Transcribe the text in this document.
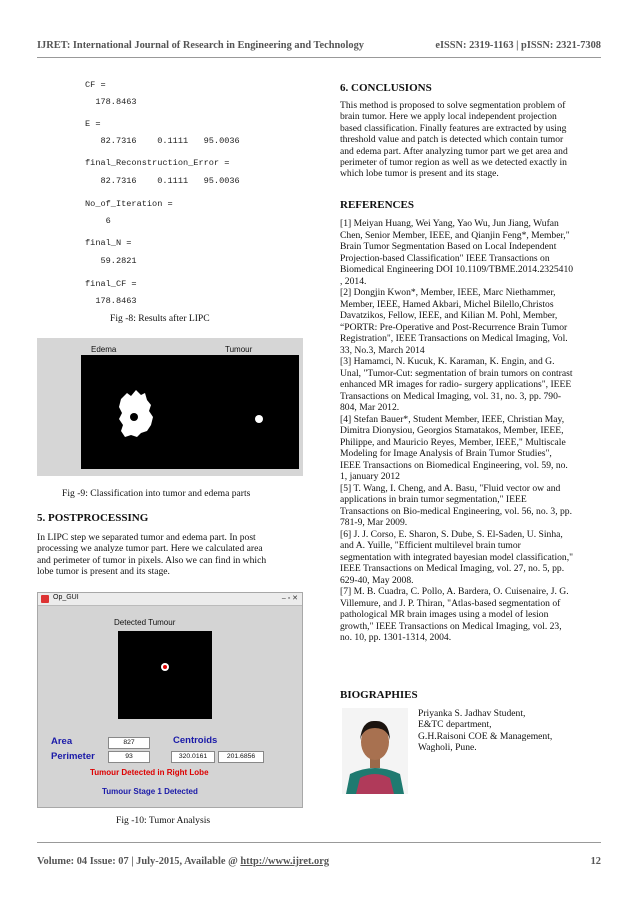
IJRET: International Journal of Research in Engineering and Technology	eISSN: 2319-1163 | pISSN: 2321-7308
CF =
178.8463
E =
82.7316    0.1111   95.0036
final_Reconstruction_Error =
82.7316    0.1111   95.0036
No_of_Iteration =
6
final_N =
59.2821
final_CF =
178.8463
Fig -8: Results after LIPC
Edema	Tumour
Fig -9: Classification into tumor and edema parts
5. POSTPROCESSING
In LIPC step we separated tumor and edema part. In post
processing we analyze tumor part. Here we calculated area
and perimeter of tumor in pixels. Also we can find in which
lobe tumor is present and its stage.
Op_GUI	– ▫ ✕
Detected Tumour
Area	827	Centroids
Perimeter	93	320.0161	201.6856
Tumour Detected in Right Lobe
Tumour Stage 1 Detected
Fig -10: Tumor Analysis
6. CONCLUSIONS
This method is proposed to solve segmentation problem of
brain tumor. Here we apply local independent projection
based classification. Finally features are extracted by using
threshold value and patch is detected which contain tumor
and edema part. After analyzing tumor part we get area and
perimeter of tumor region as well as we detected exactly in
which lobe tumor is present and its stage.
REFERENCES
[1] Meiyan Huang, Wei Yang, Yao Wu, Jun Jiang, Wufan
Chen, Senior Member, IEEE, and Qianjin Feng*, Member,"
Brain Tumor Segmentation Based on Local Independent
Projection-based Classification" IEEE Transactions on
Biomedical Engineering DOI 10.1109/TBME.2014.2325410
, 2014.
[2] Dongjin Kwon*, Member, IEEE, Marc Niethammer,
Member, IEEE, Hamed Akbari, Michel Bilello,Christos
Davatzikos, Fellow, IEEE, and Kilian M. Pohl, Member,
“PORTR: Pre-Operative and Post-Recurrence Brain Tumor
Registration", IEEE Transactions on Medical Imaging, Vol.
33, No.3, March 2014
[3] Hamamci, N. Kucuk, K. Karaman, K. Engin, and G.
Unal, "Tumor-Cut: segmentation of brain tumors on contrast
enhanced MR images for radio- surgery applications", IEEE
Transactions on Medical Imaging, vol. 31, no. 3, pp. 790-
804, Mar 2012.
[4] Stefan Bauer*, Student Member, IEEE, Christian May,
Dimitra Dionysiou, Georgios Stamatakos, Member, IEEE,
Philippe, and Mauricio Reyes, Member, IEEE," Multiscale
Modeling for Image Analysis of Brain Tumor Studies",
IEEE Transactions on Biomedical Engineering, vol. 59, no.
1, january 2012
[5] T. Wang, I. Cheng, and A. Basu, "Fluid vector ow and
applications in brain tumor segmentation," IEEE
Transactions on Bio-medical Engineering, vol. 56, no. 3, pp.
781-9, Mar 2009.
[6] J. J. Corso, E. Sharon, S. Dube, S. El-Saden, U. Sinha,
and A. Yuille, "Efficient multilevel brain tumor
segmentation with integrated bayesian model classification,"
IEEE Transactions on Medical Imaging, vol. 27, no. 5, pp.
629-40, May 2008.
[7] M. B. Cuadra, C. Pollo, A. Bardera, O. Cuisenaire, J. G.
Villemure, and J. P. Thiran, "Atlas-based segmentation of
pathological MR brain images using a model of lesion
growth," IEEE Transactions on Medical Imaging, vol. 23,
no. 10, pp. 1301-1314, 2004.
BIOGRAPHIES
Priyanka S. Jadhav Student,
E&TC department,
G.H.Raisoni COE & Management,
Wagholi, Pune.
Volume: 04 Issue: 07 | July-2015, Available @ http://www.ijret.org	12
